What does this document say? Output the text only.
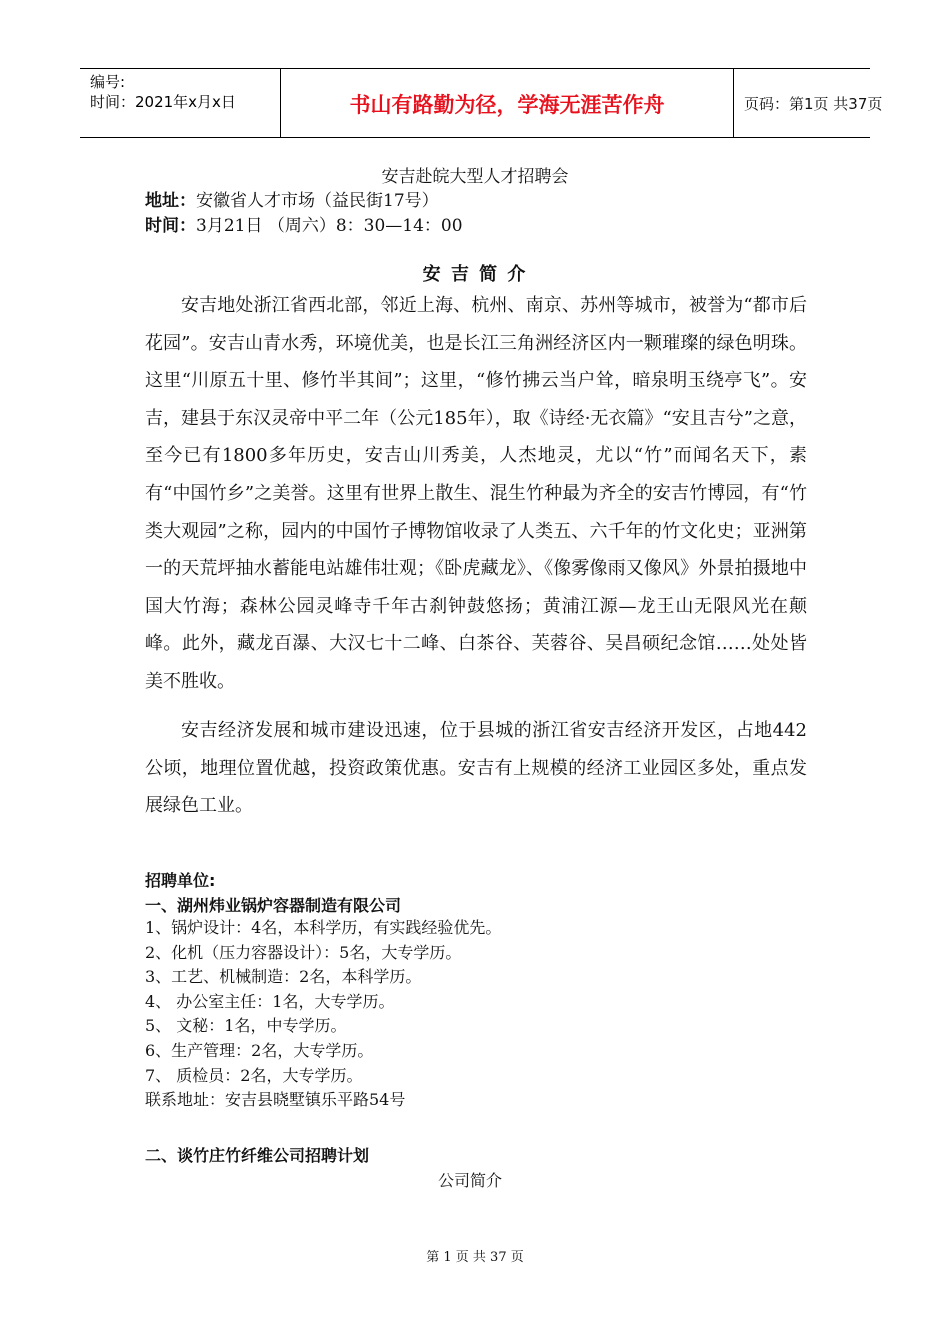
编号:
时间：2021年x月x日	书山有路勤为径，学海无涯苦作舟	页码：第1页 共37页
安吉赴皖大型人才招聘会
地址：安徽省人才市场（益民街17号）
时间：3月21日 （周六）8：30—14：00
安 吉 简 介
安吉地处浙江省西北部，邻近上海、杭州、南京、苏州等城市，被誉为“都市后花园”。安吉山青水秀，环境优美，也是长江三角洲经济区内一颗璀璨的绿色明珠。这里“川原五十里、修竹半其间”；这里，“修竹拂云当户耸，暗泉明玉绕亭飞”。安吉，建县于东汉灵帝中平二年（公元185年），取《诗经·无衣篇》“安且吉兮”之意，至今已有1800多年历史，安吉山川秀美，人杰地灵，尤以“竹”而闻名天下，素有“中国竹乡”之美誉。这里有世界上散生、混生竹种最为齐全的安吉竹博园，有“竹类大观园”之称，园内的中国竹子博物馆收录了人类五、六千年的竹文化史；亚洲第一的天荒坪抽水蓄能电站雄伟壮观；《卧虎藏龙》、《像雾像雨又像风》外景拍摄地中国大竹海；森林公园灵峰寺千年古刹钟鼓悠扬；黄浦江源—龙王山无限风光在颠峰。此外，藏龙百瀑、大汉七十二峰、白茶谷、芙蓉谷、吴昌硕纪念馆……处处皆美不胜收。
安吉经济发展和城市建设迅速，位于县城的浙江省安吉经济开发区，占地442公顷，地理位置优越，投资政策优惠。安吉有上规模的经济工业园区多处，重点发展绿色工业。
招聘单位:
一、湖州炜业锅炉容器制造有限公司
1、锅炉设计：4名，本科学历，有实践经验优先。
2、化机（压力容器设计）：5名，大专学历。
3、工艺、机械制造：2名，本科学历。
4、 办公室主任：1名，大专学历。
5、 文秘：1名，中专学历。
6、生产管理：2名，大专学历。
7、 质检员：2名，大专学历。
联系地址：安吉县晓墅镇乐平路54号
二、谈竹庄竹纤维公司招聘计划
公司简介
第 1 页 共 37 页
